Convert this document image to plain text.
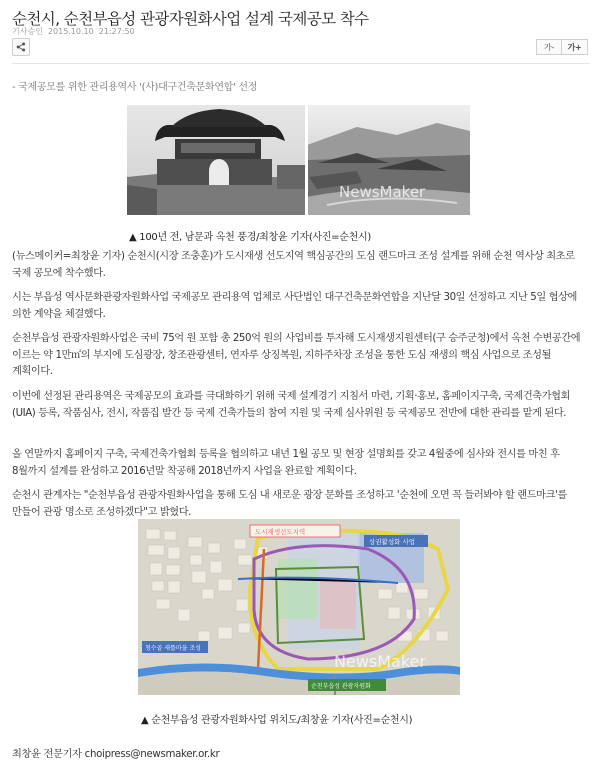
순천시, 순천부읍성 관광자원화사업 설계 국제공모 착수
기사승인 2015.10.10 21:27:50
가-	가+
- 국제공모를 위한 관리용역사 '(사)대구건축문화연합' 선정
NewsMaker
▲ 100년 전, 남문과 옥천 풍경/최창윤 기자(사진=순천시)
(뉴스메이커=최창윤 기자) 순천시(시장 조충훈)가 도시재생 선도지역 핵심공간의 도심 랜드마크 조성 설계를 위해 순천 역사상 최초로 국제 공모에 착수했다.
시는 부읍성 역사문화관광자원화사업 국제공모 관리용역 업체로 사단법인 대구건축문화연합을 지난달 30일 선정하고 지난 5일 협상에 의한 계약을 체결했다.
순천부읍성 관광자원화사업은 국비 75억 원 포함 총 250억 원의 사업비를 투자해 도시재생지원센터(구 승주군청)에서 옥천 수변공간에 이르는 약 1만㎡의 부지에 도심광장, 창조관광센터, 연자루 상징복원, 지하주차장 조성을 통한 도심 재생의 핵심 사업으로 조성될 계획이다.
이번에 선정된 관리용역은 국제공모의 효과를 극대화하기 위해 국제 설계경기 지침서 마련, 기획·홍보, 홈페이지구축, 국제건축가협회(UIA) 등록, 작품심사, 전시, 작품집 발간 등 국제 건축가들의 참여 지원 및 국제 심사위원 등 국제공모 전반에 대한 관리를 맡게 된다.
올 연말까지 홈페이지 구축, 국제건축가협회 등록을 협의하고 내년 1월 공모 및 현장 설명회를 갖고 4월중에 심사와 전시를 마친 후 8월까지 설계를 완성하고 2016년말 착공해 2018년까지 사업을 완료할 계획이다.
순천시 관계자는 "순천부읍성 관광자원화사업을 통해 도심 내 새로운 광장 문화를 조성하고 '순천에 오면 꼭 들러봐야 할 랜드마크'를 만들어 관광 명소로 조성하겠다"고 밝혔다.
도시재생선도지역
상권활성화 사업
청수골 새뜰마을 조성
순천부읍성 관광자원화
NewsMaker
▲ 순천부읍성 관광자원화사업 위치도/최창윤 기자(사진=순천시)
최창윤 전문기자 choipress@newsmaker.or.kr
